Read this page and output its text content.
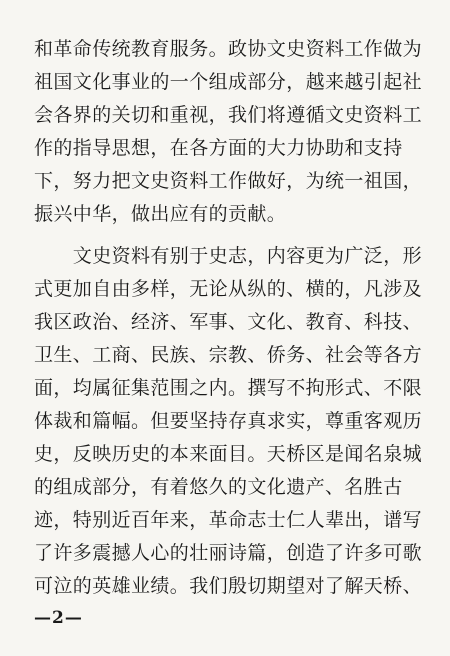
和革命传统教育服务。政协文史资料工作做为
祖国文化事业的一个组成部分，越来越引起社
会各界的关切和重视，我们将遵循文史资料工
作的指导思想，在各方面的大力协助和支持
下，努力把文史资料工作做好，为统一祖国，
振兴中华，做出应有的贡献。
　　文史资料有别于史志，内容更为广泛，形
式更加自由多样，无论从纵的、横的，凡涉及
我区政治、经济、军事、文化、教育、科技、
卫生、工商、民族、宗教、侨务、社会等各方
面，均属征集范围之内。撰写不拘形式、不限
体裁和篇幅。但要坚持存真求实，尊重客观历
史，反映历史的本来面目。天桥区是闻名泉城
的组成部分，有着悠久的文化遗产、名胜古
迹，特别近百年来，革命志士仁人辈出，谱写
了许多震撼人心的壮丽诗篇，创造了许多可歌
可泣的英雄业绩。我们殷切期望对了解天桥、
—2—
